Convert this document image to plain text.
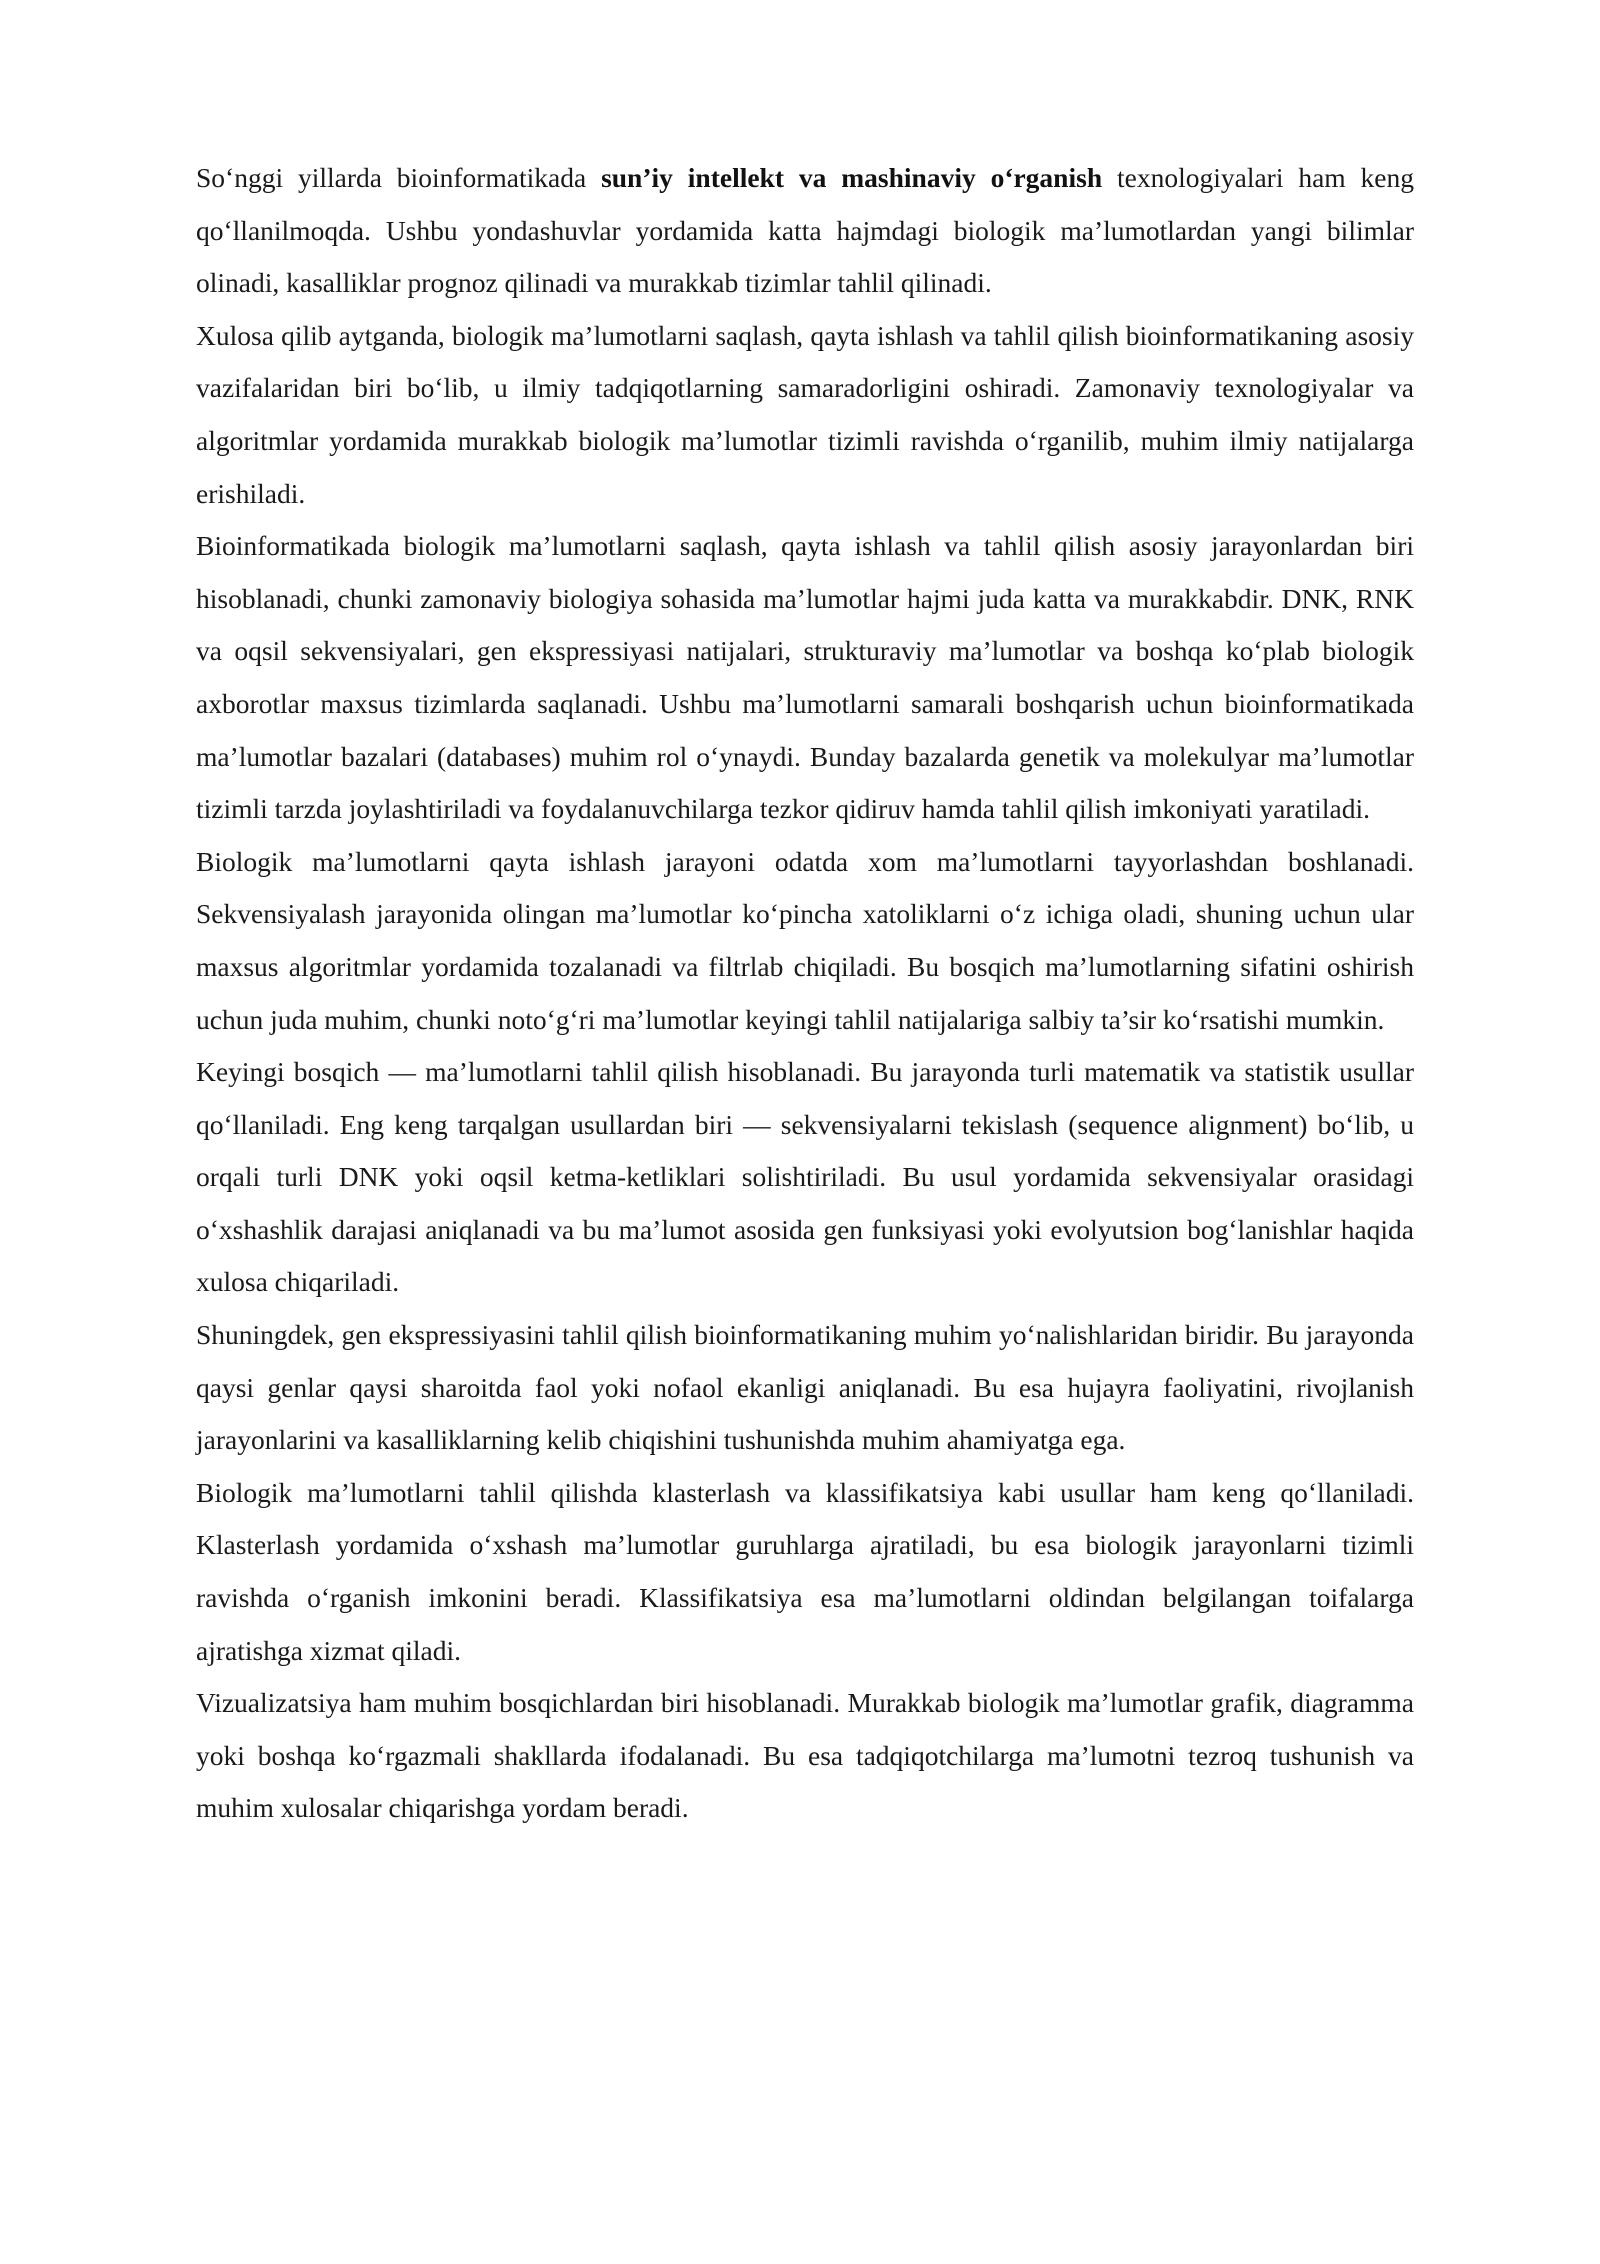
So‘nggi yillarda bioinformatikada sun’iy intellekt va mashinaviy o‘rganish texnologiyalari ham keng qo‘llanilmoqda. Ushbu yondashuvlar yordamida katta hajmdagi biologik ma’lumotlardan yangi bilimlar olinadi, kasalliklar prognoz qilinadi va murakkab tizimlar tahlil qilinadi.

Xulosa qilib aytganda, biologik ma’lumotlarni saqlash, qayta ishlash va tahlil qilish bioinformatikaning asosiy vazifalaridan biri bo‘lib, u ilmiy tadqiqotlarning samaradorligini oshiradi. Zamonaviy texnologiyalar va algoritmlar yordamida murakkab biologik ma’lumotlar tizimli ravishda o‘rganilib, muhim ilmiy natijalarga erishiladi.

Bioinformatikada biologik ma’lumotlarni saqlash, qayta ishlash va tahlil qilish asosiy jarayonlardan biri hisoblanadi, chunki zamonaviy biologiya sohasida ma’lumotlar hajmi juda katta va murakkabdir. DNK, RNK va oqsil sekvensiyalari, gen ekspressiyasi natijalari, strukturaviy ma’lumotlar va boshqa ko‘plab biologik axborotlar maxsus tizimlarda saqlanadi. Ushbu ma’lumotlarni samarali boshqarish uchun bioinformatikada ma’lumotlar bazalari (databases) muhim rol o‘ynaydi. Bunday bazalarda genetik va molekulyar ma’lumotlar tizimli tarzda joylashtiriladi va foydalanuvchilarga tezkor qidiruv hamda tahlil qilish imkoniyati yaratiladi.

Biologik ma’lumotlarni qayta ishlash jarayoni odatda xom ma’lumotlarni tayyorlashdan boshlanadi. Sekvensiyalash jarayonida olingan ma’lumotlar ko‘pincha xatoliklarni o‘z ichiga oladi, shuning uchun ular maxsus algoritmlar yordamida tozalanadi va filtrlab chiqiladi. Bu bosqich ma’lumotlarning sifatini oshirish uchun juda muhim, chunki noto‘g‘ri ma’lumotlar keyingi tahlil natijalariga salbiy ta’sir ko‘rsatishi mumkin.

Keyingi bosqich — ma’lumotlarni tahlil qilish hisoblanadi. Bu jarayonda turli matematik va statistik usullar qo‘llaniladi. Eng keng tarqalgan usullardan biri — sekvensiyalarni tekislash (sequence alignment) bo‘lib, u orqali turli DNK yoki oqsil ketma-ketliklari solishtiriladi. Bu usul yordamida sekvensiyalar orasidagi o‘xshashlik darajasi aniqlanadi va bu ma’lumot asosida gen funksiyasi yoki evolyutsion bog‘lanishlar haqida xulosa chiqariladi.

Shuningdek, gen ekspressiyasini tahlil qilish bioinformatikaning muhim yo‘nalishlaridan biridir. Bu jarayonda qaysi genlar qaysi sharoitda faol yoki nofaol ekanligi aniqlanadi. Bu esa hujayra faoliyatini, rivojlanish jarayonlarini va kasalliklarning kelib chiqishini tushunishda muhim ahamiyatga ega.

Biologik ma’lumotlarni tahlil qilishda klasterlash va klassifikatsiya kabi usullar ham keng qo‘llaniladi. Klasterlash yordamida o‘xshash ma’lumotlar guruhlarga ajratiladi, bu esa biologik jarayonlarni tizimli ravishda o‘rganish imkonini beradi. Klassifikatsiya esa ma’lumotlarni oldindan belgilangan toifalarga ajratishga xizmat qiladi.

Vizualizatsiya ham muhim bosqichlardan biri hisoblanadi. Murakkab biologik ma’lumotlar grafik, diagramma yoki boshqa ko‘rgazmali shakllarda ifodalanadi. Bu esa tadqiqotchilarga ma’lumotni tezroq tushunish va muhim xulosalar chiqarishga yordam beradi.
